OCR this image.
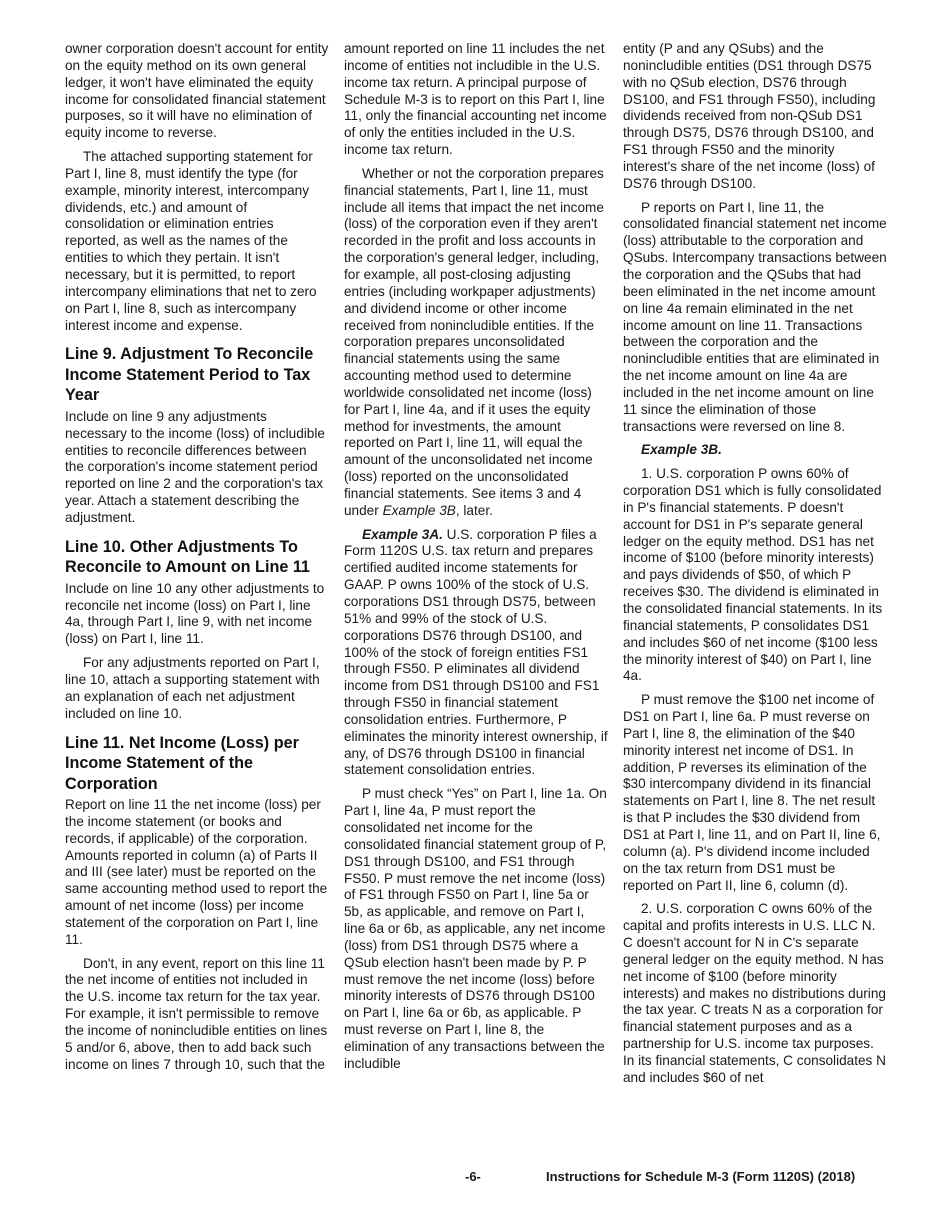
owner corporation doesn't account for entity on the equity method on its own general ledger, it won't have eliminated the equity income for consolidated financial statement purposes, so it will have no elimination of equity income to reverse.

The attached supporting statement for Part I, line 8, must identify the type (for example, minority interest, intercompany dividends, etc.) and amount of consolidation or elimination entries reported, as well as the names of the entities to which they pertain. It isn't necessary, but it is permitted, to report intercompany eliminations that net to zero on Part I, line 8, such as intercompany interest income and expense.

Line 9. Adjustment To Reconcile Income Statement Period to Tax Year

Include on line 9 any adjustments necessary to the income (loss) of includible entities to reconcile differences between the corporation's income statement period reported on line 2 and the corporation's tax year. Attach a statement describing the adjustment.

Line 10. Other Adjustments To Reconcile to Amount on Line 11

Include on line 10 any other adjustments to reconcile net income (loss) on Part I, line 4a, through Part I, line 9, with net income (loss) on Part I, line 11.

For any adjustments reported on Part I, line 10, attach a supporting statement with an explanation of each net adjustment included on line 10.

Line 11. Net Income (Loss) per Income Statement of the Corporation

Report on line 11 the net income (loss) per the income statement (or books and records, if applicable) of the corporation. Amounts reported in column (a) of Parts II and III (see later) must be reported on the same accounting method used to report the amount of net income (loss) per income statement of the corporation on Part I, line 11.

Don't, in any event, report on this line 11 the net income of entities not included in the U.S. income tax return for the tax year. For example, it isn't permissible to remove the income of nonincludible entities on lines 5 and/or 6, above, then to add back such income on lines 7 through 10, such that the

amount reported on line 11 includes the net income of entities not includible in the U.S. income tax return. A principal purpose of Schedule M-3 is to report on this Part I, line 11, only the financial accounting net income of only the entities included in the U.S. income tax return.

Whether or not the corporation prepares financial statements, Part I, line 11, must include all items that impact the net income (loss) of the corporation even if they aren't recorded in the profit and loss accounts in the corporation's general ledger, including, for example, all post-closing adjusting entries (including workpaper adjustments) and dividend income or other income received from nonincludible entities. If the corporation prepares unconsolidated financial statements using the same accounting method used to determine worldwide consolidated net income (loss) for Part I, line 4a, and if it uses the equity method for investments, the amount reported on Part I, line 11, will equal the amount of the unconsolidated net income (loss) reported on the unconsolidated financial statements. See items 3 and 4 under Example 3B, later.

Example 3A. U.S. corporation P files a Form 1120S U.S. tax return and prepares certified audited income statements for GAAP. P owns 100% of the stock of U.S. corporations DS1 through DS75, between 51% and 99% of the stock of U.S. corporations DS76 through DS100, and 100% of the stock of foreign entities FS1 through FS50. P eliminates all dividend income from DS1 through DS100 and FS1 through FS50 in financial statement consolidation entries. Furthermore, P eliminates the minority interest ownership, if any, of DS76 through DS100 in financial statement consolidation entries.

P must check “Yes” on Part I, line 1a. On Part I, line 4a, P must report the consolidated net income for the consolidated financial statement group of P, DS1 through DS100, and FS1 through FS50. P must remove the net income (loss) of FS1 through FS50 on Part I, line 5a or 5b, as applicable, and remove on Part I, line 6a or 6b, as applicable, any net income (loss) from DS1 through DS75 where a QSub election hasn't been made by P. P must remove the net income (loss) before minority interests of DS76 through DS100 on Part I, line 6a or 6b, as applicable. P must reverse on Part I, line 8, the elimination of any transactions between the includible

entity (P and any QSubs) and the nonincludible entities (DS1 through DS75 with no QSub election, DS76 through DS100, and FS1 through FS50), including dividends received from non-QSub DS1 through DS75, DS76 through DS100, and FS1 through FS50 and the minority interest's share of the net income (loss) of DS76 through DS100.

P reports on Part I, line 11, the consolidated financial statement net income (loss) attributable to the corporation and QSubs. Intercompany transactions between the corporation and the QSubs that had been eliminated in the net income amount on line 4a remain eliminated in the net income amount on line 11. Transactions between the corporation and the nonincludible entities that are eliminated in the net income amount on line 4a are included in the net income amount on line 11 since the elimination of those transactions were reversed on line 8.

Example 3B.

1. U.S. corporation P owns 60% of corporation DS1 which is fully consolidated in P's financial statements. P doesn't account for DS1 in P's separate general ledger on the equity method. DS1 has net income of $100 (before minority interests) and pays dividends of $50, of which P receives $30. The dividend is eliminated in the consolidated financial statements. In its financial statements, P consolidates DS1 and includes $60 of net income ($100 less the minority interest of $40) on Part I, line 4a.

P must remove the $100 net income of DS1 on Part I, line 6a. P must reverse on Part I, line 8, the elimination of the $40 minority interest net income of DS1. In addition, P reverses its elimination of the $30 intercompany dividend in its financial statements on Part I, line 8. The net result is that P includes the $30 dividend from DS1 at Part I, line 11, and on Part II, line 6, column (a). P's dividend income included on the tax return from DS1 must be reported on Part II, line 6, column (d).

2. U.S. corporation C owns 60% of the capital and profits interests in U.S. LLC N. C doesn't account for N in C's separate general ledger on the equity method. N has net income of $100 (before minority interests) and makes no distributions during the tax year. C treats N as a corporation for financial statement purposes and as a partnership for U.S. income tax purposes. In its financial statements, C consolidates N and includes $60 of net

-6-	Instructions for Schedule M-3 (Form 1120S) (2018)
